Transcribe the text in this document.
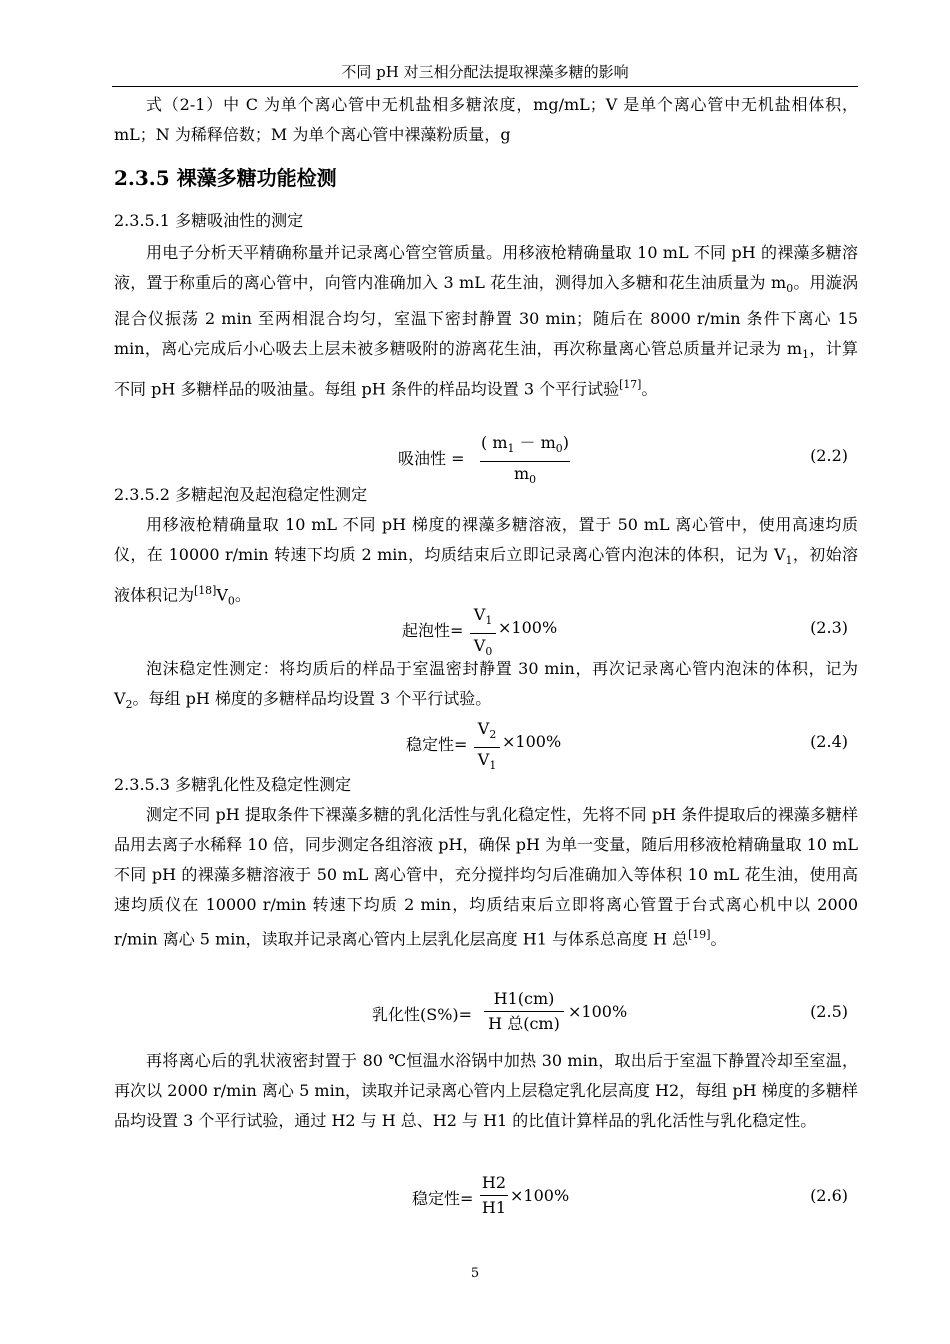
不同 pH 对三相分配法提取裸藻多糖的影响
式（2-1）中 C 为单个离心管中无机盐相多糖浓度，mg/mL；V 是单个离心管中无机盐相体积，mL；N 为稀释倍数；M 为单个离心管中裸藻粉质量，g
2.3.5 裸藻多糖功能检测
2.3.5.1 多糖吸油性的测定
用电子分析天平精确称量并记录离心管空管质量。用移液枪精确量取 10 mL 不同 pH 的裸藻多糖溶液，置于称重后的离心管中，向管内准确加入 3 mL 花生油，测得加入多糖和花生油质量为 $m_0$。用漩涡混合仪振荡 2 min 至两相混合均匀，室温下密封静置 30 min；随后在 8000 r/min 条件下离心 15 min，离心完成后小心吸去上层未被多糖吸附的游离花生油，再次称量离心管总质量并记录为 $m_1$，计算不同 pH 多糖样品的吸油量。每组 pH 条件的样品均设置 3 个平行试验[17]。
吸油性 =
( $m_1 - m_0$)
$m_0$
(2.2)
2.3.5.2 多糖起泡及起泡稳定性测定
用移液枪精确量取 10 mL 不同 pH 梯度的裸藻多糖溶液，置于 50 mL 离心管中，使用高速均质仪，在 10000 r/min 转速下均质 2 min，均质结束后立即记录离心管内泡沫的体积，记为 $V_1$，初始溶液体积记为$[18]V_0$。
起泡性=
$V_1$
$V_0$
×100%	(2.3)
泡沫稳定性测定：将均质后的样品于室温密封静置 30 min，再次记录离心管内泡沫的体积，记为 $V_2$。每组 pH 梯度的多糖样品均设置 3 个平行试验。
稳定性=
$V_2$
$V_1$
×100%	(2.4)
2.3.5.3 多糖乳化性及稳定性测定
测定不同 pH 提取条件下裸藻多糖的乳化活性与乳化稳定性，先将不同 pH 条件提取后的裸藻多糖样品用去离子水稀释 10 倍，同步测定各组溶液 pH，确保 pH 为单一变量，随后用移液枪精确量取 10 mL 不同 pH 的裸藻多糖溶液于 50 mL 离心管中，充分搅拌均匀后准确加入等体积 10 mL 花生油，使用高速均质仪在 10000 r/min 转速下均质 2 min，均质结束后立即将离心管置于台式离心机中以 2000 r/min 离心 5 min，读取并记录离心管内上层乳化层高度 H1 与体系总高度 H 总[19]。
乳化性(S%)=
H1(cm)
H 总(cm)
×100%	(2.5)
再将离心后的乳状液密封置于 80 ℃恒温水浴锅中加热 30 min，取出后于室温下静置冷却至室温，再次以 2000 r/min 离心 5 min，读取并记录离心管内上层稳定乳化层高度 H2，每组 pH 梯度的多糖样品均设置 3 个平行试验，通过 H2 与 H 总、H2 与 H1 的比值计算样品的乳化活性与乳化稳定性。
稳定性=
H2
H1
×100%	(2.6)
5
